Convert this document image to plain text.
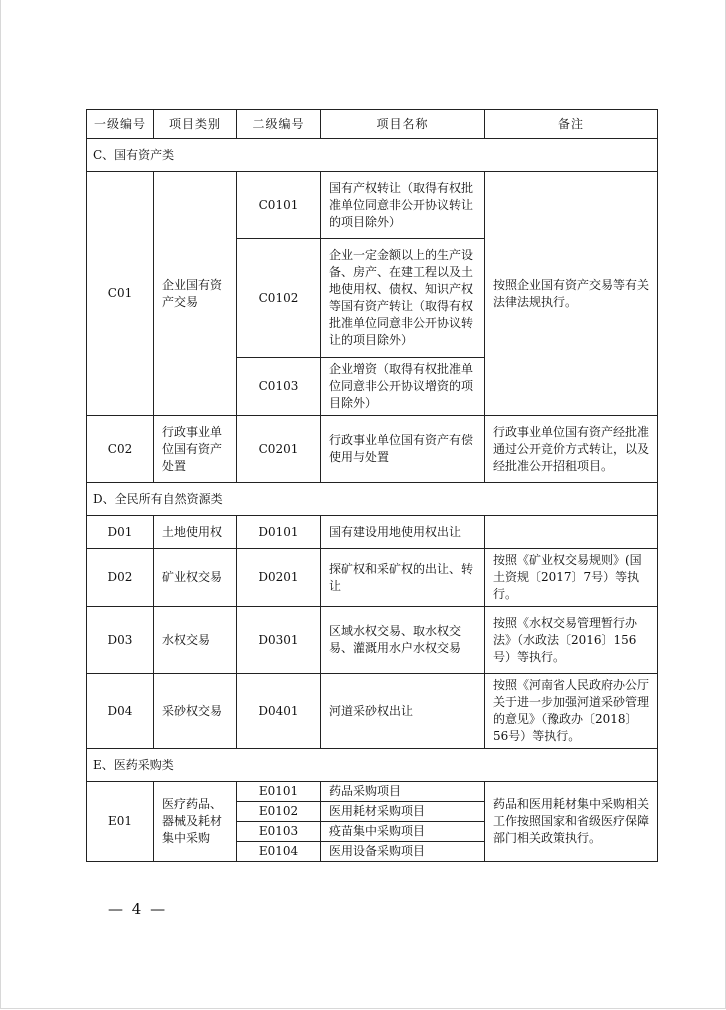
一级编号	项目类别	二级编号	项目名称	备注
C、国有资产类				
C01	企业国有资产交易	C0101	国有产权转让（取得有权批准单位同意非公开协议转让的项目除外）	按照企业国有资产交易等有关法律法规执行。
		C0102	企业一定金额以上的生产设备、房产、在建工程以及土地使用权、债权、知识产权等国有资产转让（取得有权批准单位同意非公开协议转让的项目除外）	
		C0103	企业增资（取得有权批准单位同意非公开协议增资的项目除外）	
C02	行政事业单位国有资产处置	C0201	行政事业单位国有资产有偿使用与处置	行政事业单位国有资产经批准通过公开竞价方式转让，以及经批准公开招租项目。
D、全民所有自然资源类				
D01	土地使用权	D0101	国有建设用地使用权出让	
D02	矿业权交易	D0201	探矿权和采矿权的出让、转让	按照《矿业权交易规则》(国土资规〔2017〕7号）等执行。
D03	水权交易	D0301	区域水权交易、取水权交易、灌溉用水户水权交易	按照《水权交易管理暂行办法》（水政法〔2016〕156号）等执行。
D04	采砂权交易	D0401	河道采砂权出让	按照《河南省人民政府办公厅关于进一步加强河道采砂管理的意见》（豫政办〔2018〕56号）等执行。
E、医药采购类				
E01	医疗药品、器械及耗材集中采购	E0101	药品采购项目	药品和医用耗材集中采购相关工作按照国家和省级医疗保障部门相关政策执行。
		E0102	医用耗材采购项目	
		E0103	疫苗集中采购项目	
		E0104	医用设备采购项目	
— 4 —
